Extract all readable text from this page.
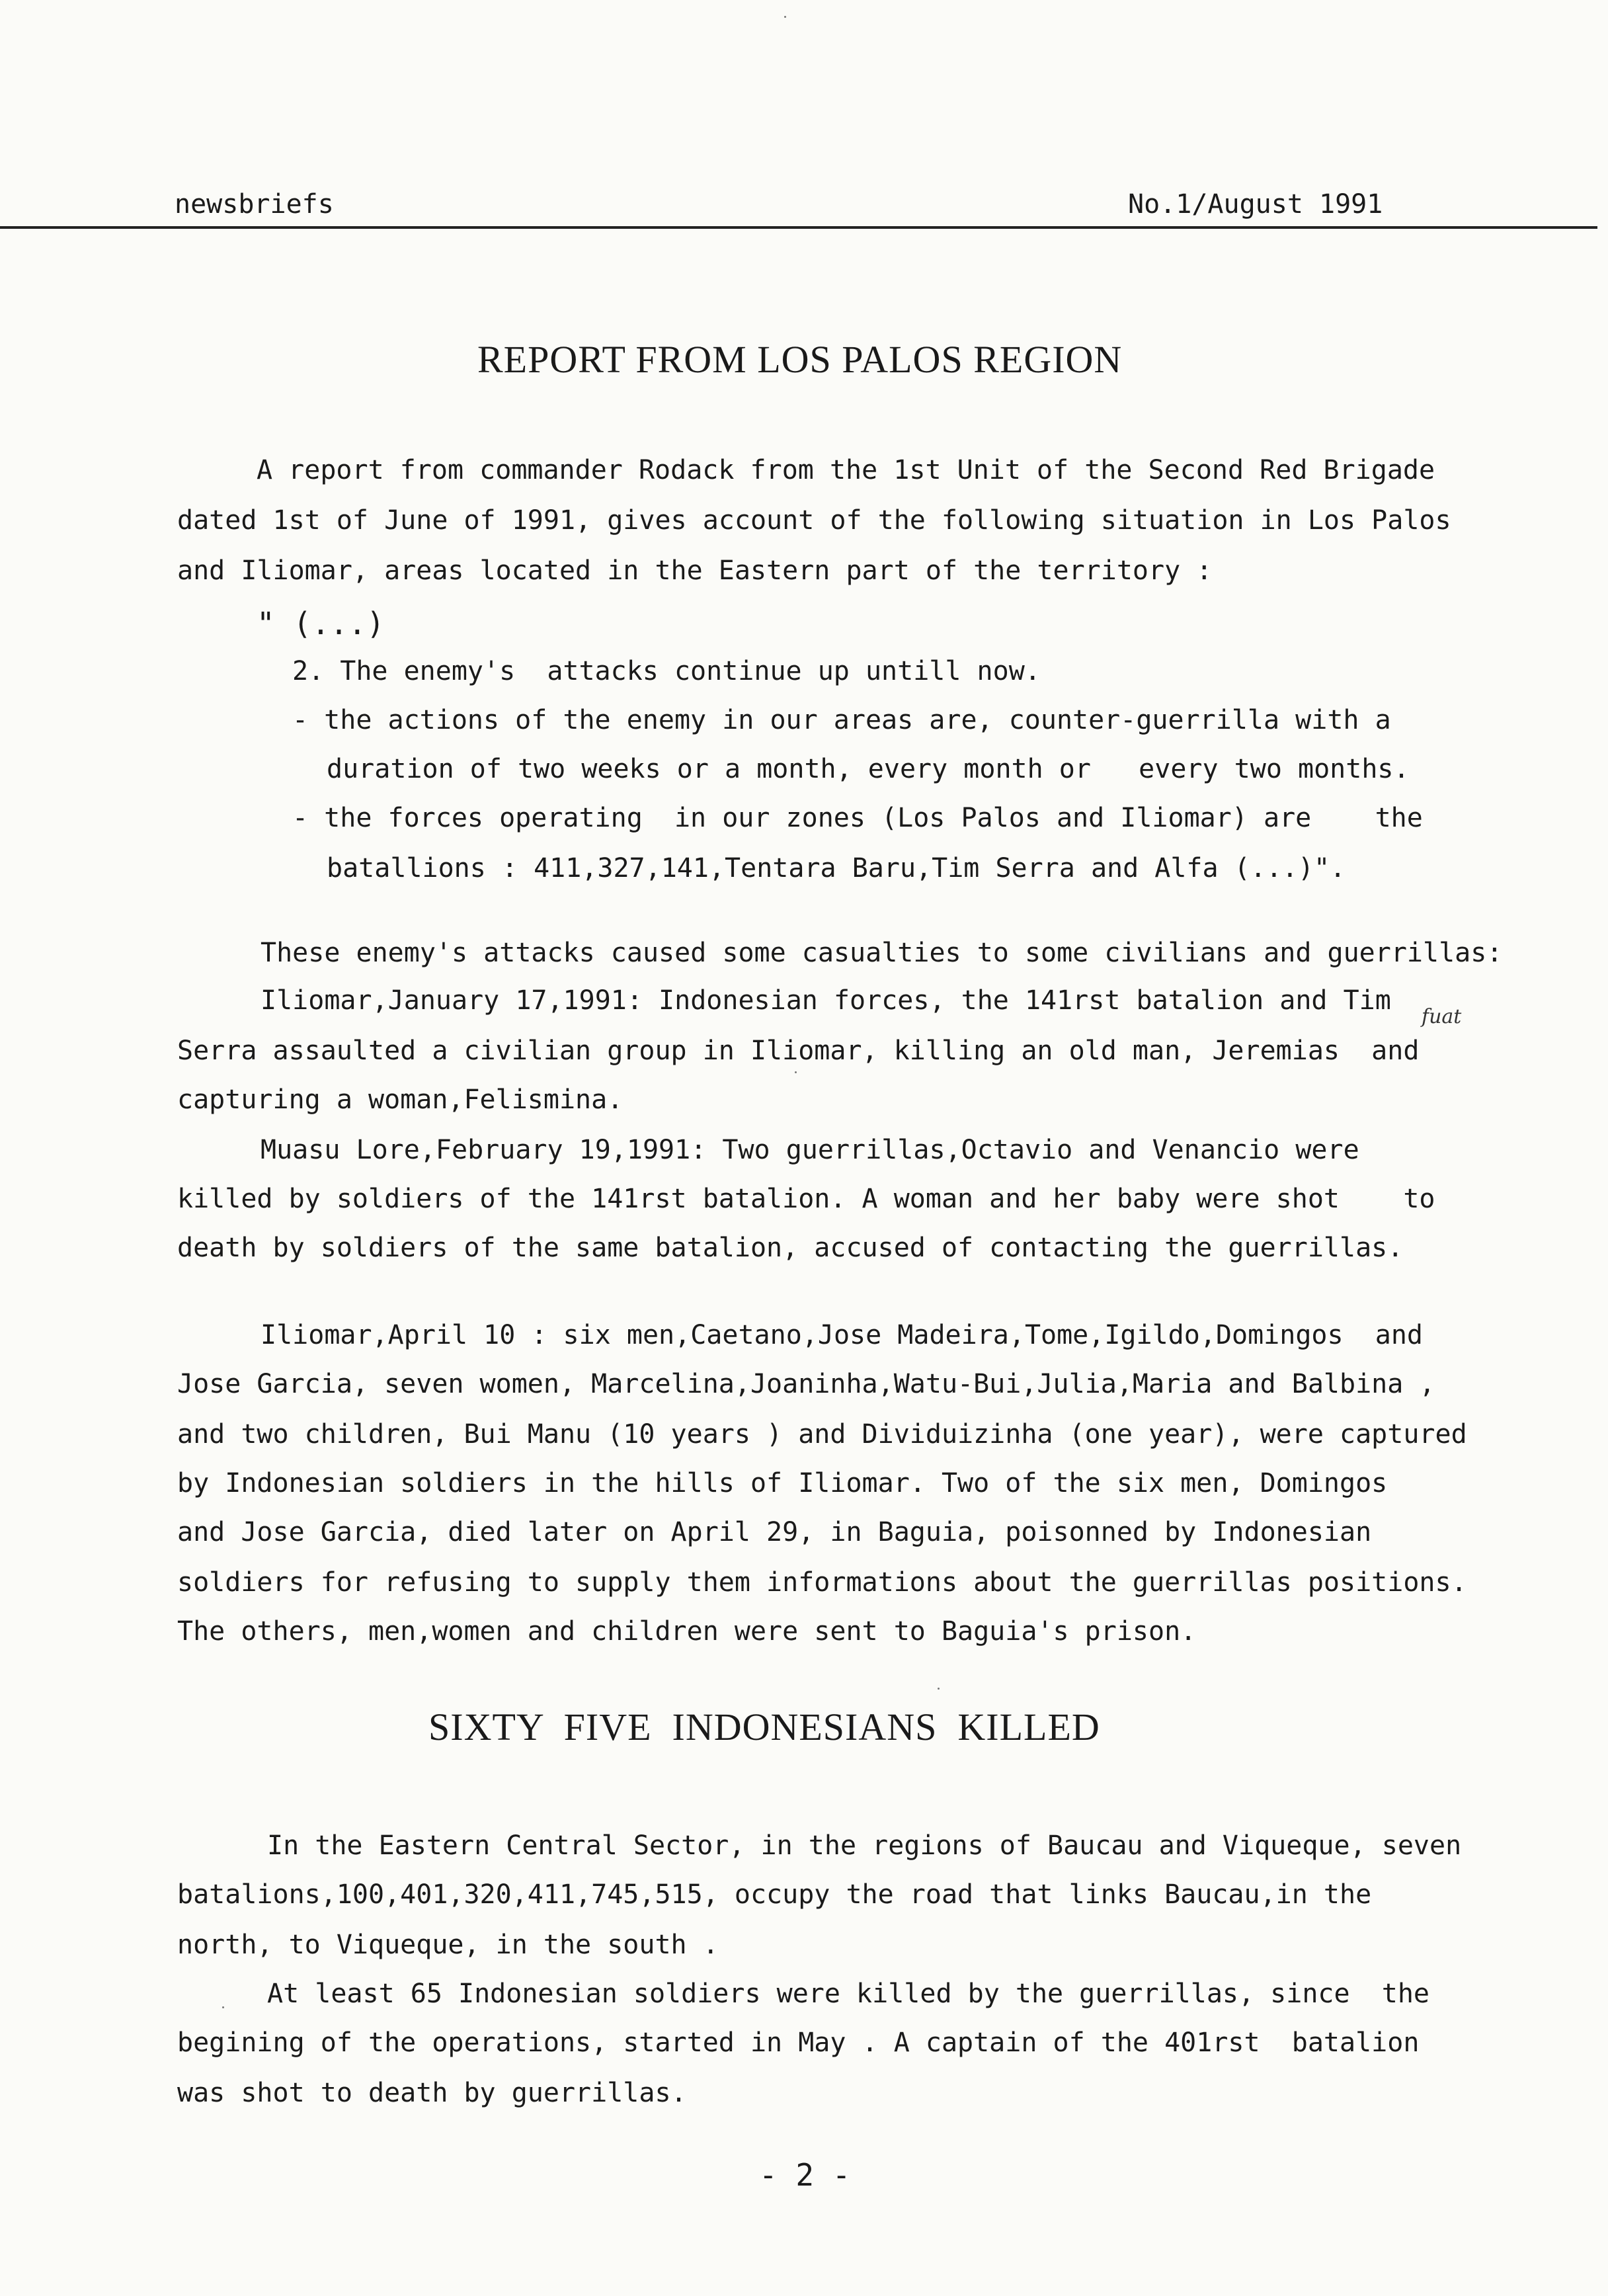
newsbriefs	No.1/August 1991
REPORT FROM LOS PALOS REGION
A report from commander Rodack from the 1st Unit of the Second Red Brigade
dated 1st of June of 1991, gives account of the following situation in Los Palos
and Iliomar, areas located in the Eastern part of the territory :
" (...)
2. The enemy's  attacks continue up untill now.
- the actions of the enemy in our areas are, counter-guerrilla with a
duration of two weeks or a month, every month or   every two months.
- the forces operating  in our zones (Los Palos and Iliomar) are    the
batallions : 411,327,141,Tentara Baru,Tim Serra and Alfa (...)".
These enemy's attacks caused some casualties to some civilians and guerrillas:
Iliomar,January 17,1991: Indonesian forces, the 141rst batalion and Tim
Serra assaulted a civilian group in Iliomar, killing an old man, Jeremias  and
capturing a woman,Felismina.
Muasu Lore,February 19,1991: Two guerrillas,Octavio and Venancio were
killed by soldiers of the 141rst batalion. A woman and her baby were shot    to
death by soldiers of the same batalion, accused of contacting the guerrillas.
fuat
Iliomar,April 10 : six men,Caetano,Jose Madeira,Tome,Igildo,Domingos  and
Jose Garcia, seven women, Marcelina,Joaninha,Watu-Bui,Julia,Maria and Balbina ,
and two children, Bui Manu (10 years ) and Dividuizinha (one year), were captured
by Indonesian soldiers in the hills of Iliomar. Two of the six men, Domingos
and Jose Garcia, died later on April 29, in Baguia, poisonned by Indonesian
soldiers for refusing to supply them informations about the guerrillas positions.
The others, men,women and children were sent to Baguia's prison.
SIXTY  FIVE  INDONESIANS  KILLED
In the Eastern Central Sector, in the regions of Baucau and Viqueque, seven
batalions,100,401,320,411,745,515, occupy the road that links Baucau,in the
north, to Viqueque, in the south .
At least 65 Indonesian soldiers were killed by the guerrillas, since  the
begining of the operations, started in May . A captain of the 401rst  batalion
was shot to death by guerrillas.
- 2 -
